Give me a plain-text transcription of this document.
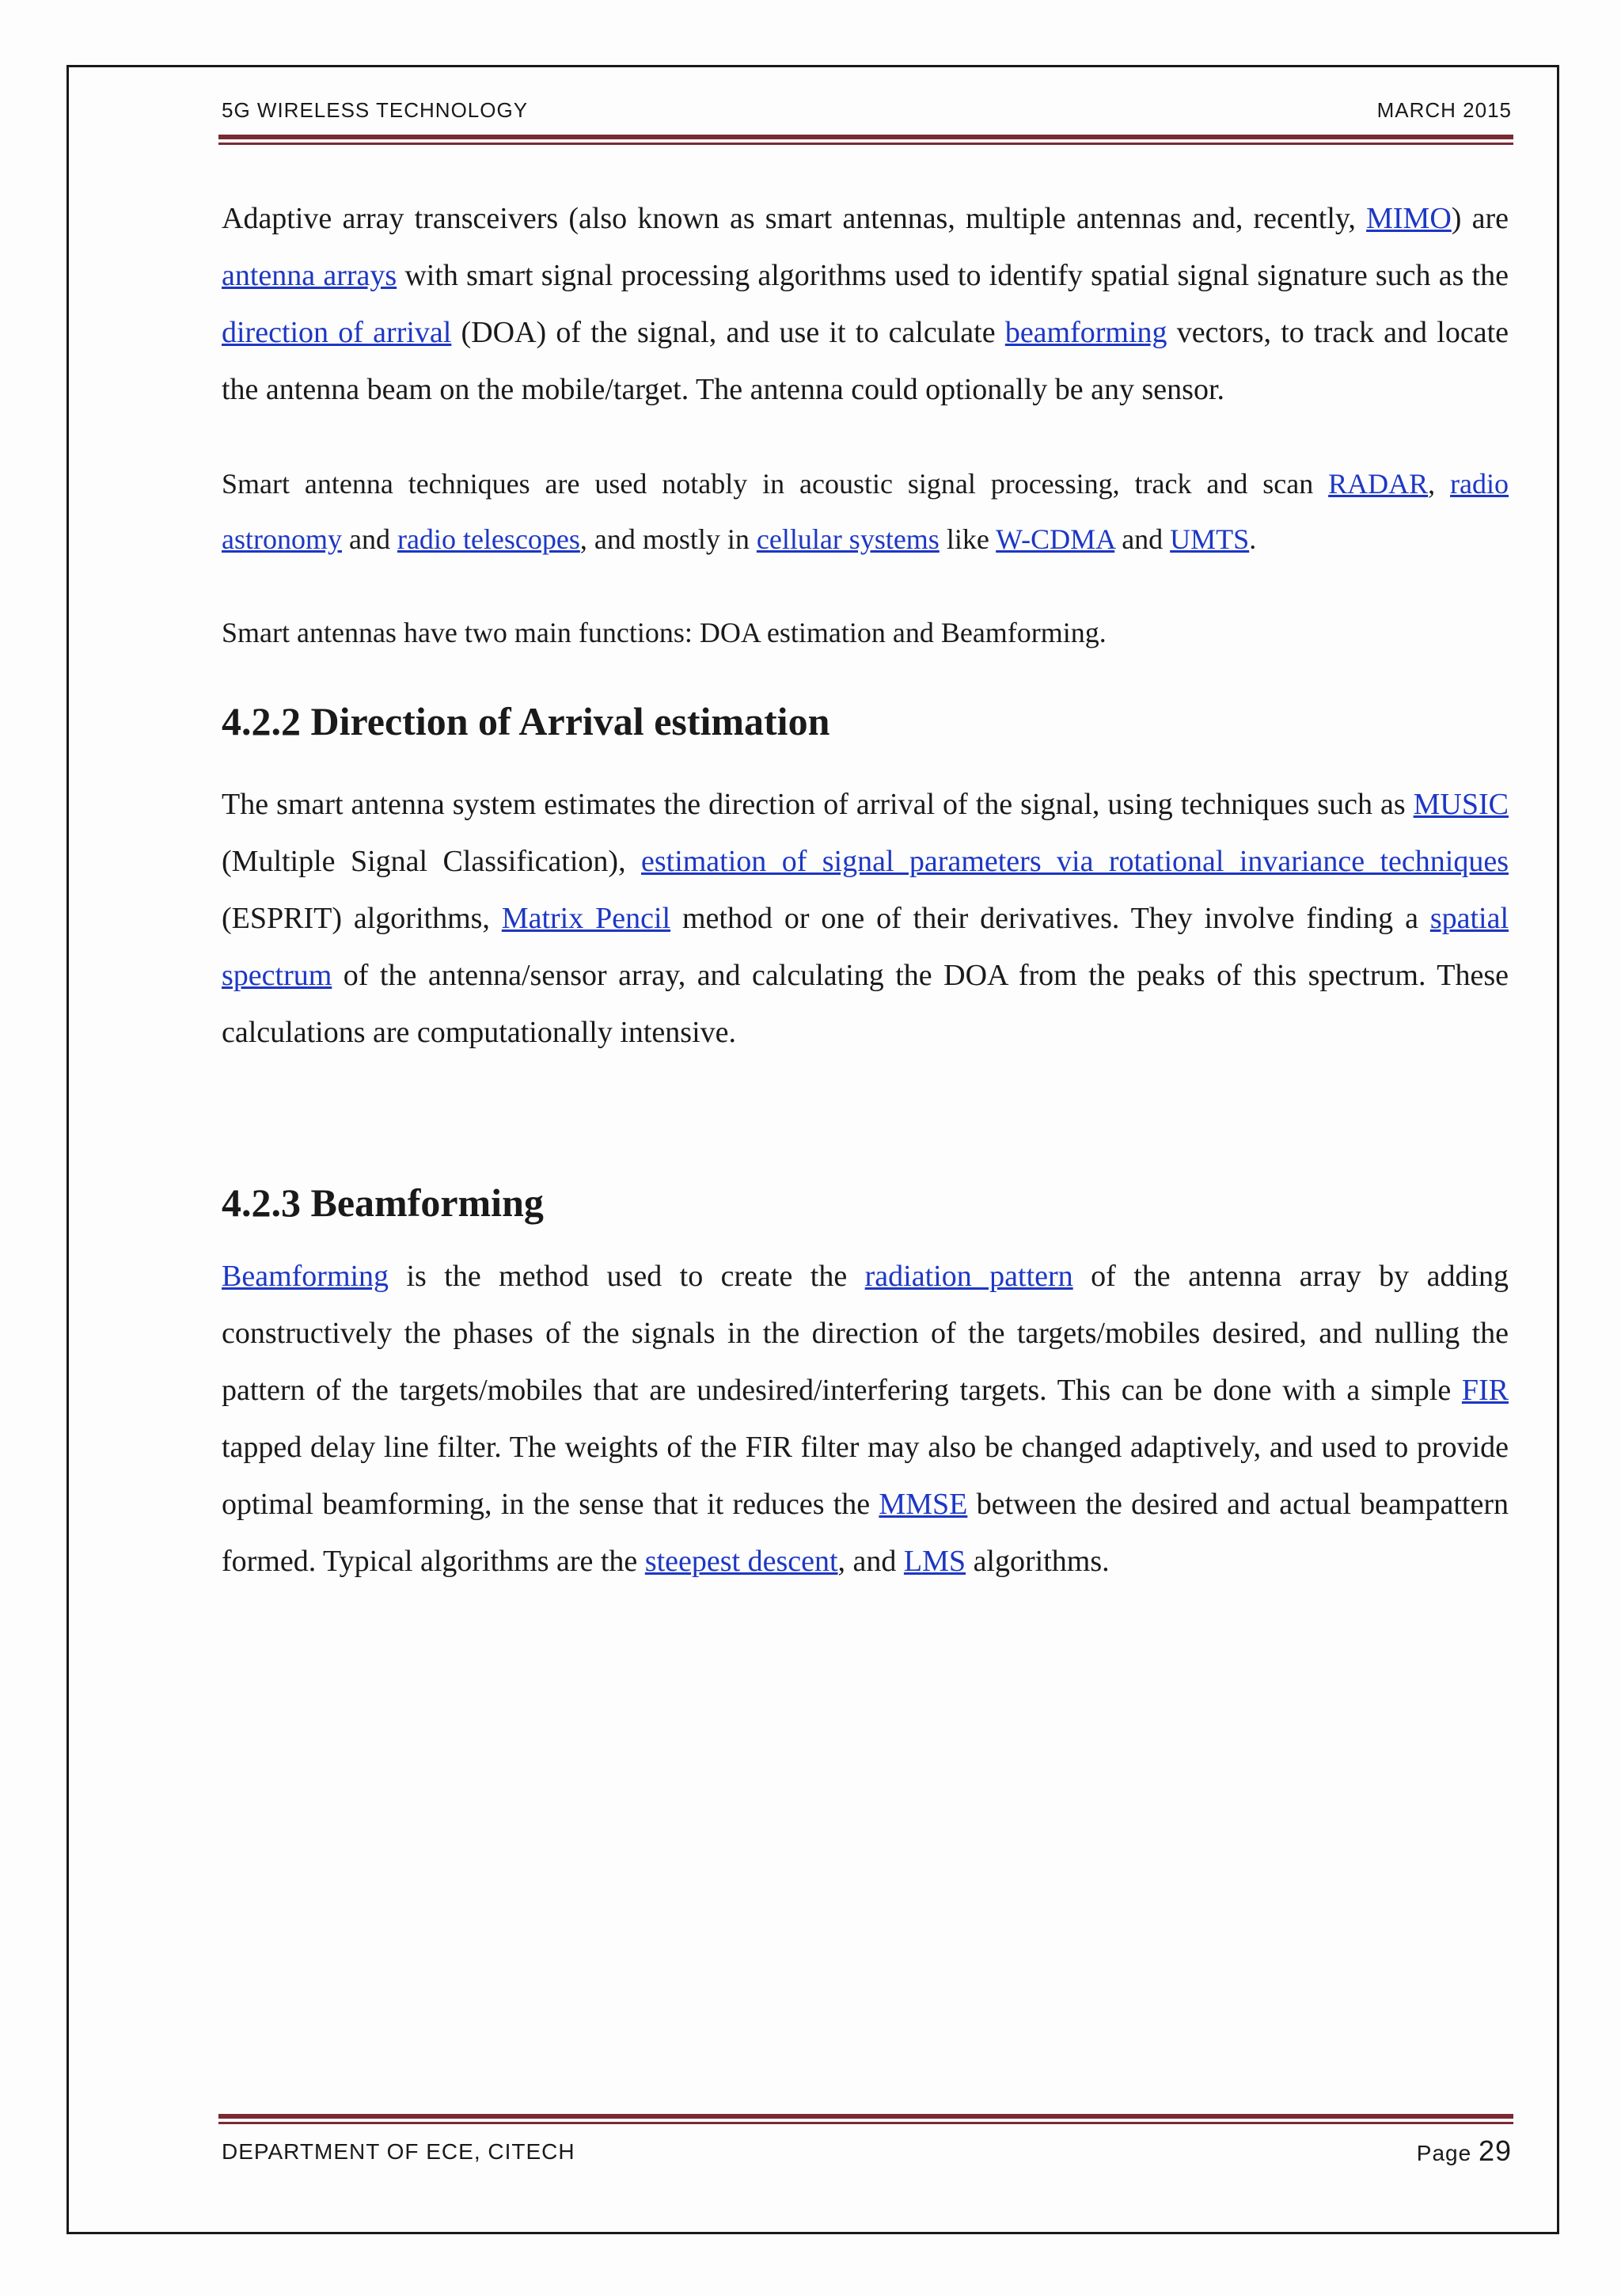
5G WIRELESS TECHNOLOGY	MARCH 2015

Adaptive array transceivers (also known as smart antennas, multiple antennas and, recently, MIMO) are antenna arrays with smart signal processing algorithms used to identify spatial signal signature such as the direction of arrival (DOA) of the signal, and use it to calculate beamforming vectors, to track and locate the antenna beam on the mobile/target. The antenna could optionally be any sensor.

Smart antenna techniques are used notably in acoustic signal processing, track and scan RADAR, radio astronomy and radio telescopes, and mostly in cellular systems like W-CDMA and UMTS.

Smart antennas have two main functions: DOA estimation and Beamforming.

4.2.2 Direction of Arrival estimation

The smart antenna system estimates the direction of arrival of the signal, using techniques such as MUSIC (Multiple Signal Classification), estimation of signal parameters via rotational invariance techniques (ESPRIT) algorithms, Matrix Pencil method or one of their derivatives. They involve finding a spatial spectrum of the antenna/sensor array, and calculating the DOA from the peaks of this spectrum. These calculations are computationally intensive.

4.2.3 Beamforming

Beamforming is the method used to create the radiation pattern of the antenna array by adding constructively the phases of the signals in the direction of the targets/mobiles desired, and nulling the pattern of the targets/mobiles that are undesired/interfering targets. This can be done with a simple FIR tapped delay line filter. The weights of the FIR filter may also be changed adaptively, and used to provide optimal beamforming, in the sense that it reduces the MMSE between the desired and actual beampattern formed. Typical algorithms are the steepest descent, and LMS algorithms.

DEPARTMENT OF ECE, CITECH	Page 29
